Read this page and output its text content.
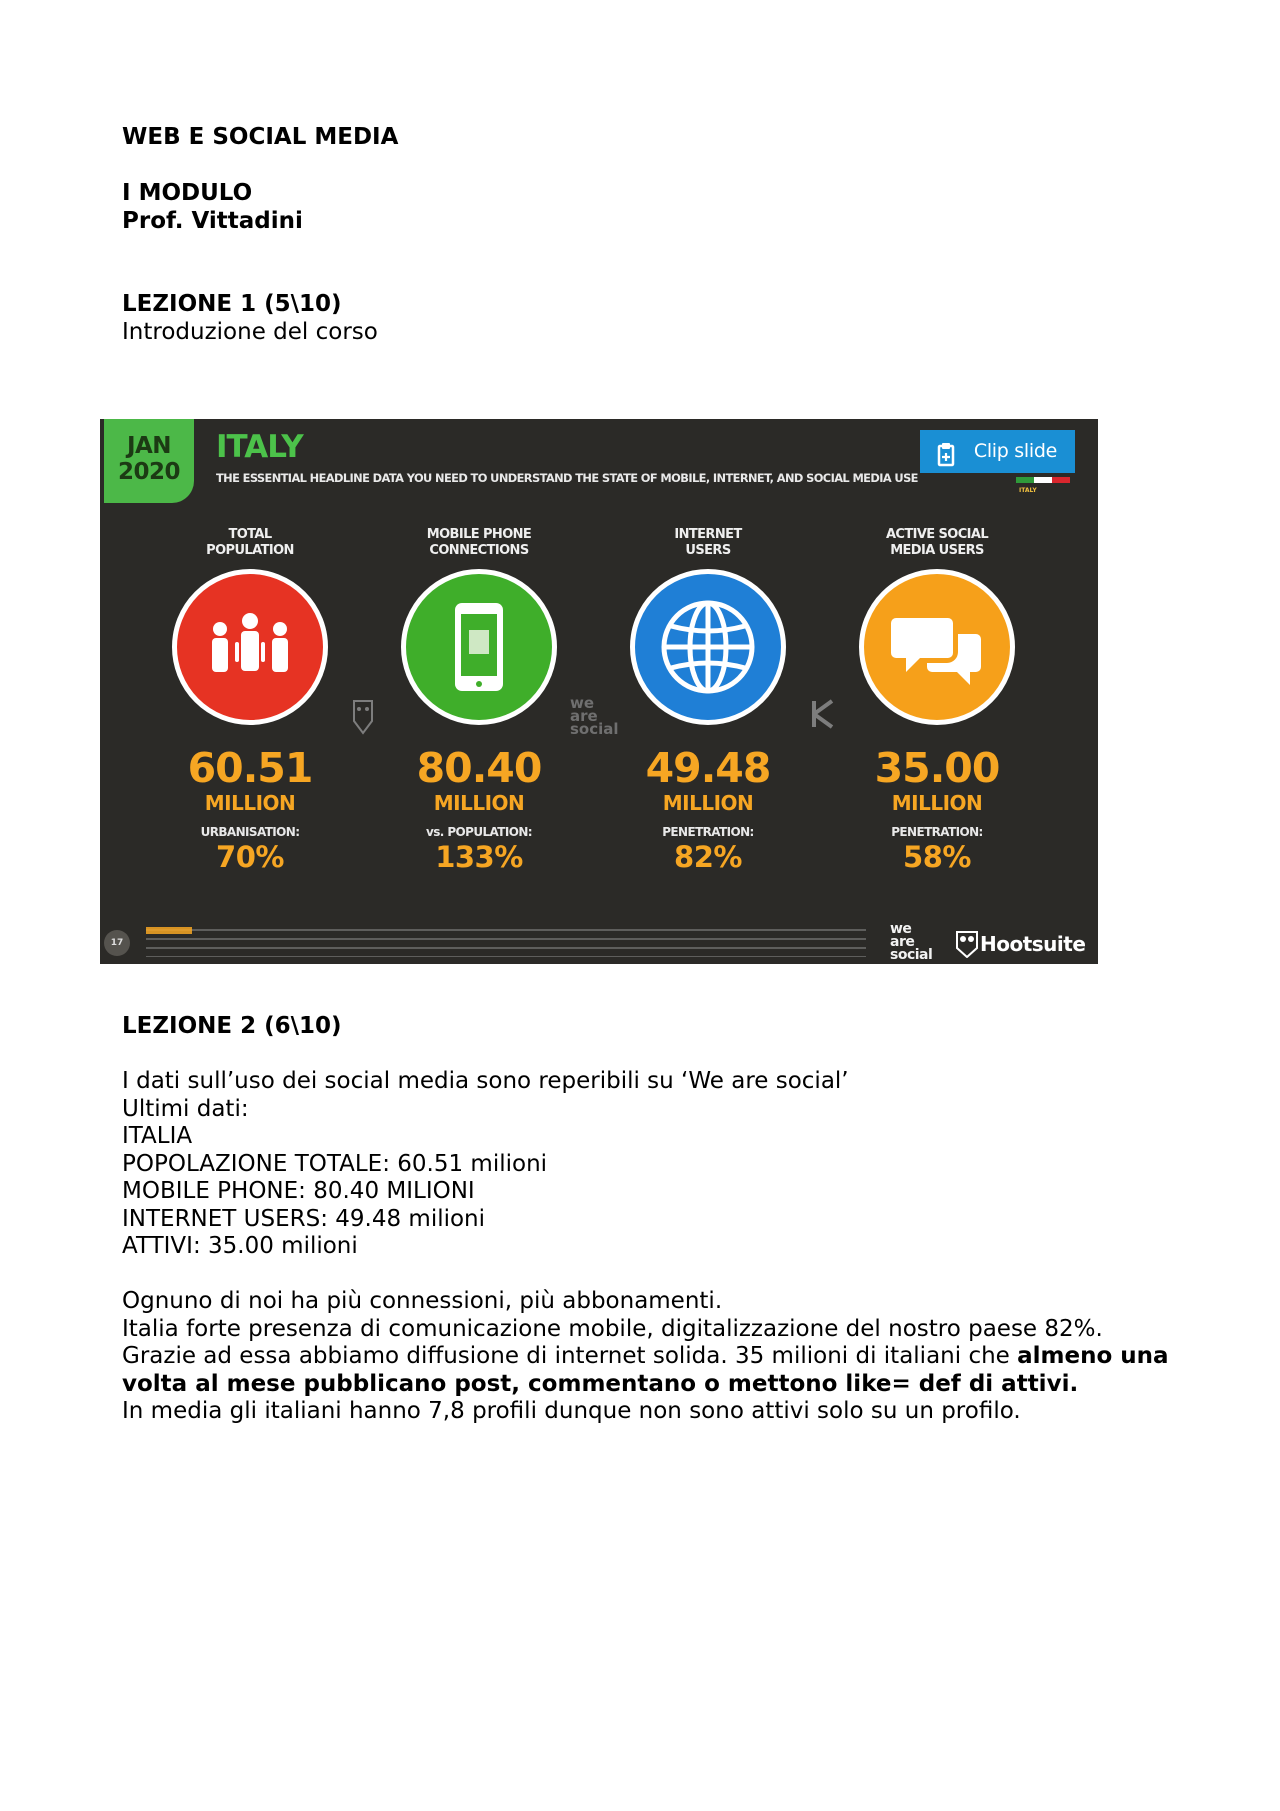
WEB E SOCIAL MEDIA

I MODULO

Prof. Vittadini

LEZIONE 1 (5\10)

Introduzione del corso

LEZIONE 2 (6\10)

I dati sull’uso dei social media sono reperibili su ‘We are social’

Ultimi dati:

ITALIA

POPOLAZIONE TOTALE: 60.51 milioni

MOBILE PHONE: 80.40 MILIONI

INTERNET USERS: 49.48 milioni

ATTIVI: 35.00 milioni

Ognuno di noi ha più connessioni, più abbonamenti.

Italia forte presenza di comunicazione mobile, digitalizzazione del nostro paese 82%.

Grazie ad essa abbiamo diffusione di internet solida. 35 milioni di italiani che almeno una volta al mese pubblicano post, commentano o mettono like= def di attivi.

In media gli italiani hanno 7,8 profili dunque non sono attivi solo su un profilo.

JAN
2020
ITALY
THE ESSENTIAL HEADLINE DATA YOU NEED TO UNDERSTAND THE STATE OF MOBILE, INTERNET, AND SOCIAL MEDIA USE
Clip slide
ITALY
TOTAL
POPULATION
60.51
MILLION
URBANISATION:
70%
MOBILE PHONE
CONNECTIONS
80.40
MILLION
vs. POPULATION:
133%
INTERNET
USERS
49.48
MILLION
PENETRATION:
82%
ACTIVE SOCIAL
MEDIA USERS
35.00
MILLION
PENETRATION:
58%
we
are
social
17
we
are
social Hootsuite
